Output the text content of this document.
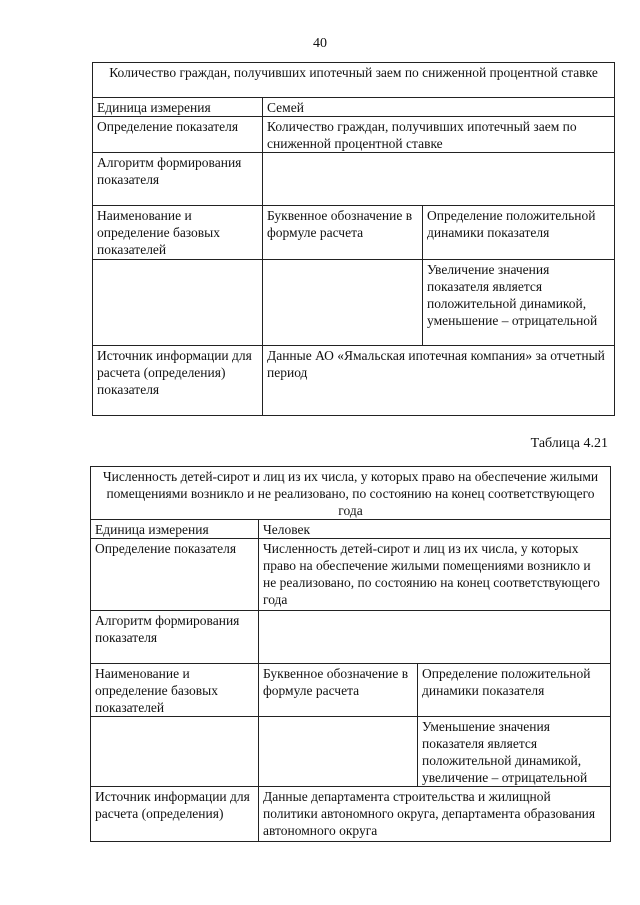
40
Количество граждан, получивших ипотечный заем по сниженной процентной ставке		
Единица измерения	Семей	
Определение показателя	Количество граждан, получивших ипотечный заем по сниженной процентной ставке	
Алгоритм формирования показателя		
Наименование и определение базовых показателей	Буквенное обозначение в формуле расчета	Определение положительной динамики показателя
		Увеличение значения показателя является положительной динамикой, уменьшение – отрицательной
Источник информации для расчета (определения) показателя	Данные АО «Ямальская ипотечная компания» за отчетный период	
Таблица 4.21
Численность детей-сирот и лиц из их числа, у которых право на обеспечение жилыми помещениями возникло и не реализовано, по состоянию на конец соответствующего года		
Единица измерения	Человек	
Определение показателя	Численность детей-сирот и лиц из их числа, у которых право на обеспечение жилыми помещениями возникло и не реализовано, по состоянию на конец соответствующего года	
Алгоритм формирования показателя		
Наименование и определение базовых показателей	Буквенное обозначение в формуле расчета	Определение положительной динамики показателя
		Уменьшение значения показателя является положительной динамикой, увеличение – отрицательной
Источник информации для расчета (определения)	Данные департамента строительства и жилищной политики автономного округа, департамента образования автономного округа	
